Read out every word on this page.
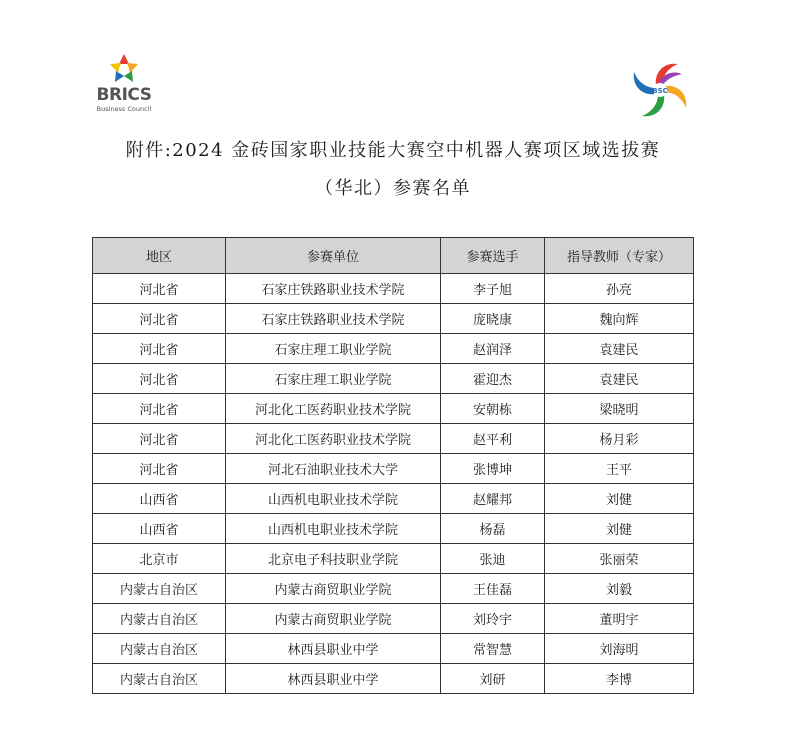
BRICS
Business Council
BSC
附件:2024 金砖国家职业技能大赛空中机器人赛项区域选拔赛
（华北）参赛名单
地区	参赛单位	参赛选手	指导教师（专家）
河北省	石家庄铁路职业技术学院	李子旭	孙亮
河北省	石家庄铁路职业技术学院	庞晓康	魏向辉
河北省	石家庄理工职业学院	赵润泽	袁建民
河北省	石家庄理工职业学院	霍迎杰	袁建民
河北省	河北化工医药职业技术学院	安朝栋	梁晓明
河北省	河北化工医药职业技术学院	赵平利	杨月彩
河北省	河北石油职业技术大学	张博坤	王平
山西省	山西机电职业技术学院	赵耀邦	刘健
山西省	山西机电职业技术学院	杨磊	刘健
北京市	北京电子科技职业学院	张迪	张丽荣
内蒙古自治区	内蒙古商贸职业学院	王佳磊	刘毅
内蒙古自治区	内蒙古商贸职业学院	刘玲宇	董明宇
内蒙古自治区	林西县职业中学	常智慧	刘海明
内蒙古自治区	林西县职业中学	刘研	李博
